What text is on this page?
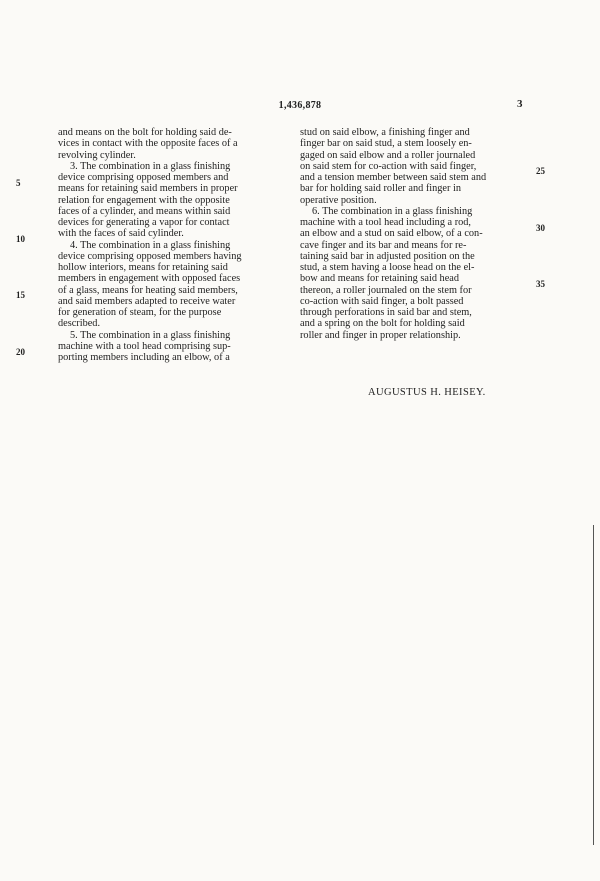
1,436,878	3
and means on the bolt for holding said de-
vices in contact with the opposite faces of a
revolving cylinder.
3. The combination in a glass finishing
device comprising opposed members and
means for retaining said members in proper
relation for engagement with the opposite
faces of a cylinder, and means within said
devices for generating a vapor for contact
with the faces of said cylinder.
4. The combination in a glass finishing
device comprising opposed members having
hollow interiors, means for retaining said
members in engagement with opposed faces
of a glass, means for heating said members,
and said members adapted to receive water
for generation of steam, for the purpose
described.
5. The combination in a glass finishing
machine with a tool head comprising sup-
porting members including an elbow, of a
5
10
15
20
stud on said elbow, a finishing finger and
finger bar on said stud, a stem loosely en-
gaged on said elbow and a roller journaled
on said stem for co-action with said finger,
and a tension member between said stem and
bar for holding said roller and finger in
operative position.
6. The combination in a glass finishing
machine with a tool head including a rod,
an elbow and a stud on said elbow, of a con-
cave finger and its bar and means for re-
taining said bar in adjusted position on the
stud, a stem having a loose head on the el-
bow and means for retaining said head
thereon, a roller journaled on the stem for
co-action with said finger, a bolt passed
through perforations in said bar and stem,
and a spring on the bolt for holding said
roller and finger in proper relationship.
25
30
35
AUGUSTUS H. HEISEY.
